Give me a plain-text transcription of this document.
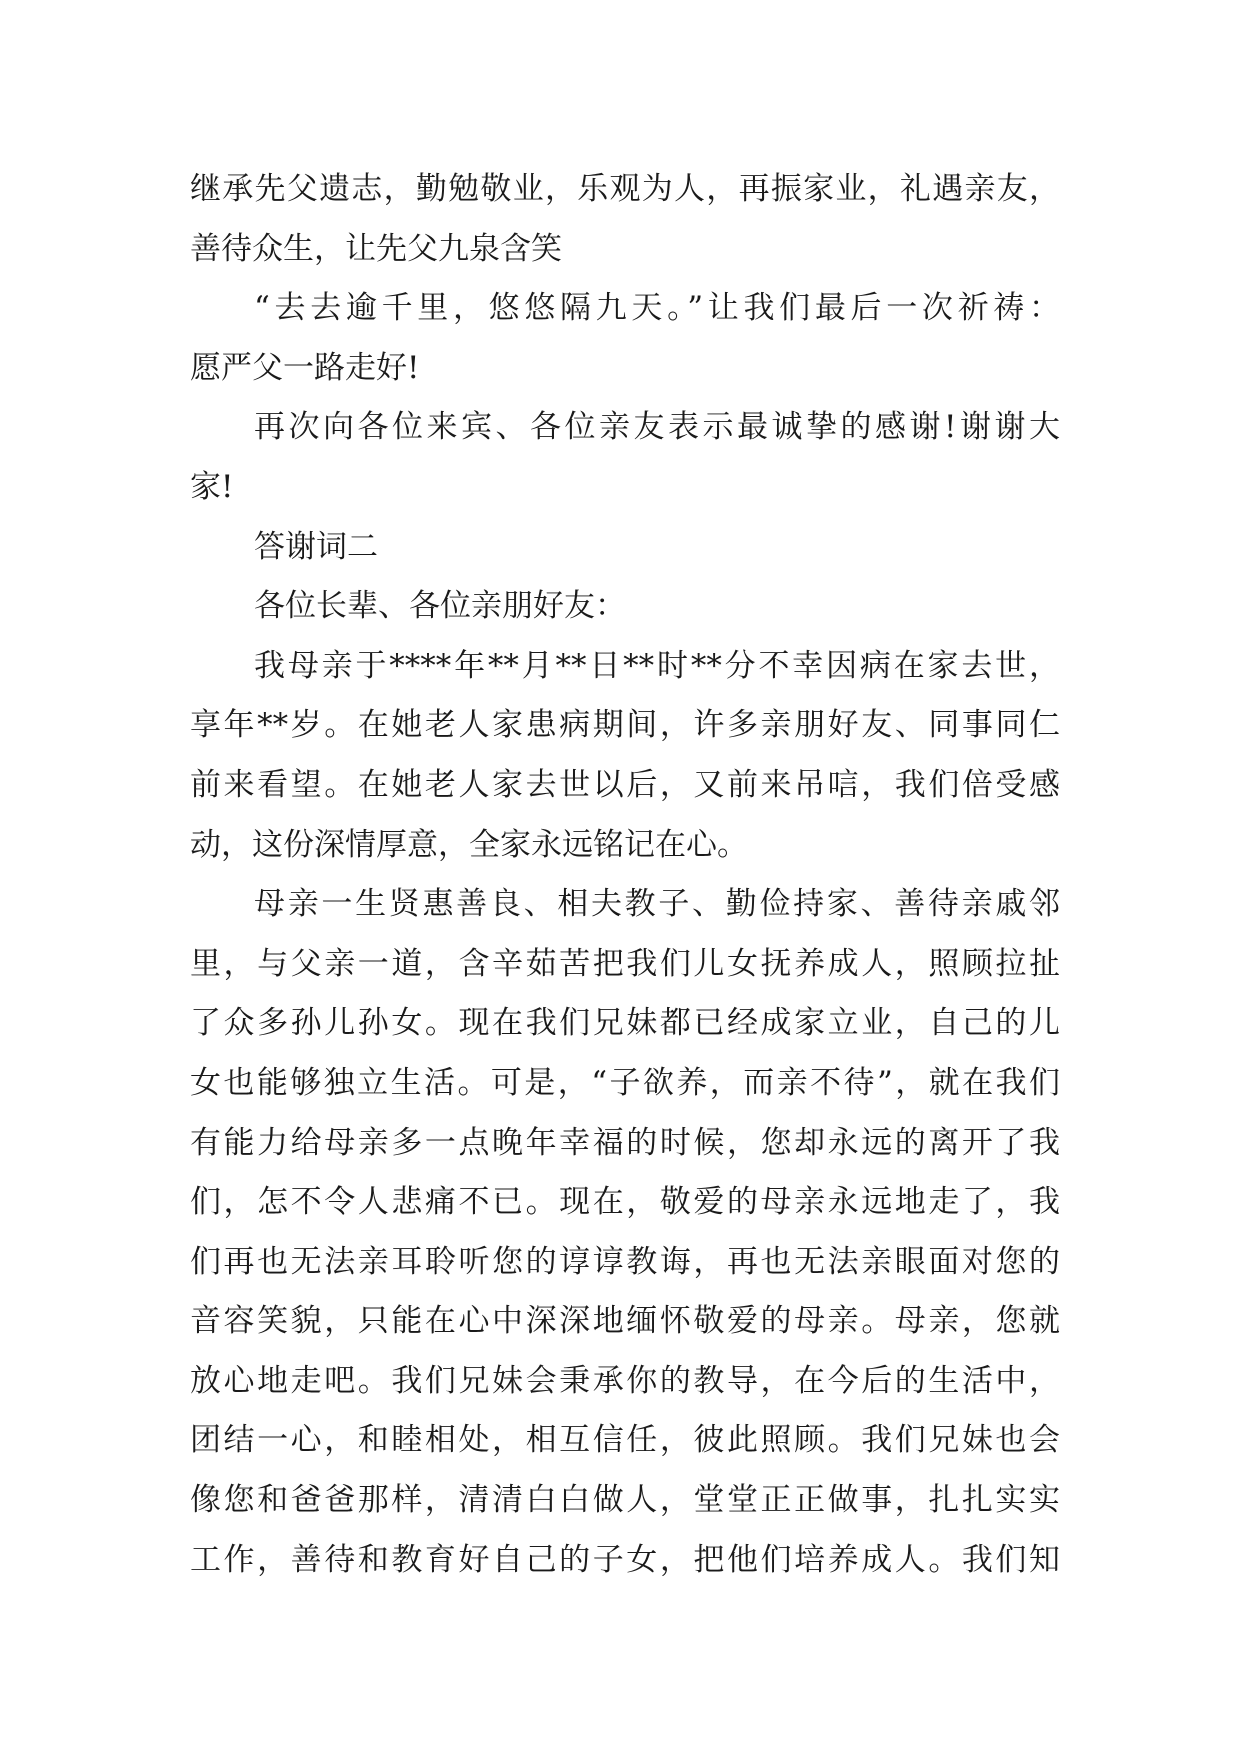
继承先父遗志，勤勉敬业，乐观为人，再振家业，礼遇亲友，
善待众生，让先父九泉含笑
“去去逾千里，悠悠隔九天。”让我们最后一次祈祷：
愿严父一路走好!
再次向各位来宾、各位亲友表示最诚挚的感谢!谢谢大
家!
答谢词二
各位长辈、各位亲朋好友：
我母亲于****年**月**日**时**分不幸因病在家去世，
享年**岁。在她老人家患病期间，许多亲朋好友、同事同仁
前来看望。在她老人家去世以后，又前来吊唁，我们倍受感
动，这份深情厚意，全家永远铭记在心。
母亲一生贤惠善良、相夫教子、勤俭持家、善待亲戚邻
里，与父亲一道，含辛茹苦把我们儿女抚养成人，照顾拉扯
了众多孙儿孙女。现在我们兄妹都已经成家立业，自己的儿
女也能够独立生活。可是，“子欲养，而亲不待”，就在我们
有能力给母亲多一点晚年幸福的时候，您却永远的离开了我
们，怎不令人悲痛不已。现在，敬爱的母亲永远地走了，我
们再也无法亲耳聆听您的谆谆教诲，再也无法亲眼面对您的
音容笑貌，只能在心中深深地缅怀敬爱的母亲。母亲，您就
放心地走吧。我们兄妹会秉承你的教导，在今后的生活中，
团结一心，和睦相处，相互信任，彼此照顾。我们兄妹也会
像您和爸爸那样，清清白白做人，堂堂正正做事，扎扎实实
工作，善待和教育好自己的子女，把他们培养成人。我们知
